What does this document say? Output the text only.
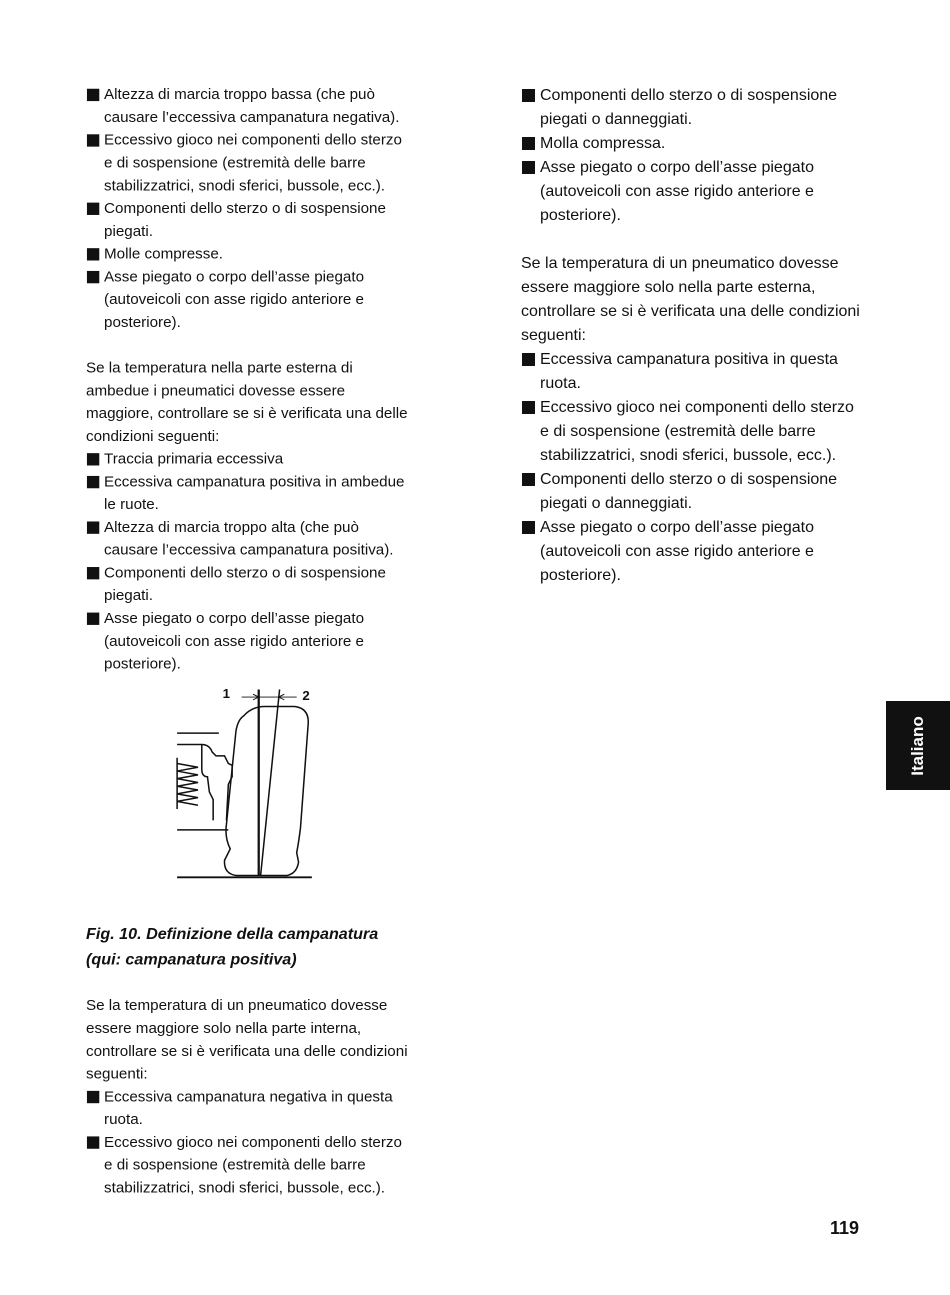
Altezza di marcia troppo bassa (che può causare l’eccessiva campanatura negativa).
Eccessivo gioco nei componenti dello sterzo e di sospensione (estremità delle barre stabilizzatrici, snodi sferici, bussole, ecc.).
Componenti dello sterzo o di sospensione piegati.
Molle compresse.
Asse piegato o corpo dell’asse piegato (autoveicoli con asse rigido anteriore e posteriore).

Se la temperatura nella parte esterna di ambedue i pneumatici dovesse essere maggiore, controllare se si è verificata una delle condizioni seguenti:

Traccia primaria eccessiva
Eccessiva campanatura positiva in ambedue le ruote.
Altezza di marcia troppo alta (che può causare l’eccessiva campanatura positiva).
Componenti dello sterzo o di sospensione piegati.
Asse piegato o corpo dell’asse piegato (autoveicoli con asse rigido anteriore e posteriore).
1	2
Fig. 10. Definizione della campanatura
(qui: campanatura positiva)

Se la temperatura di un pneumatico dovesse essere maggiore solo nella parte interna, controllare se si è verificata una delle condizioni seguenti:

Eccessiva campanatura negativa in questa ruota.
Eccessivo gioco nei componenti dello sterzo e di sospensione (estremità delle barre stabilizzatrici, snodi sferici, bussole, ecc.).
Componenti dello sterzo o di sospensione piegati o danneggiati.
Molla compressa.
Asse piegato o corpo dell’asse piegato (autoveicoli con asse rigido anteriore e posteriore).

Se la temperatura di un pneumatico dovesse essere maggiore solo nella parte esterna, controllare se si è verificata una delle condizioni seguenti:

Eccessiva campanatura positiva in questa ruota.
Eccessivo gioco nei componenti dello sterzo e di sospensione (estremità delle barre stabilizzatrici, snodi sferici, bussole, ecc.).
Componenti dello sterzo o di sospensione piegati o danneggiati.
Asse piegato o corpo dell’asse piegato (autoveicoli con asse rigido anteriore e posteriore).
Italiano
119
